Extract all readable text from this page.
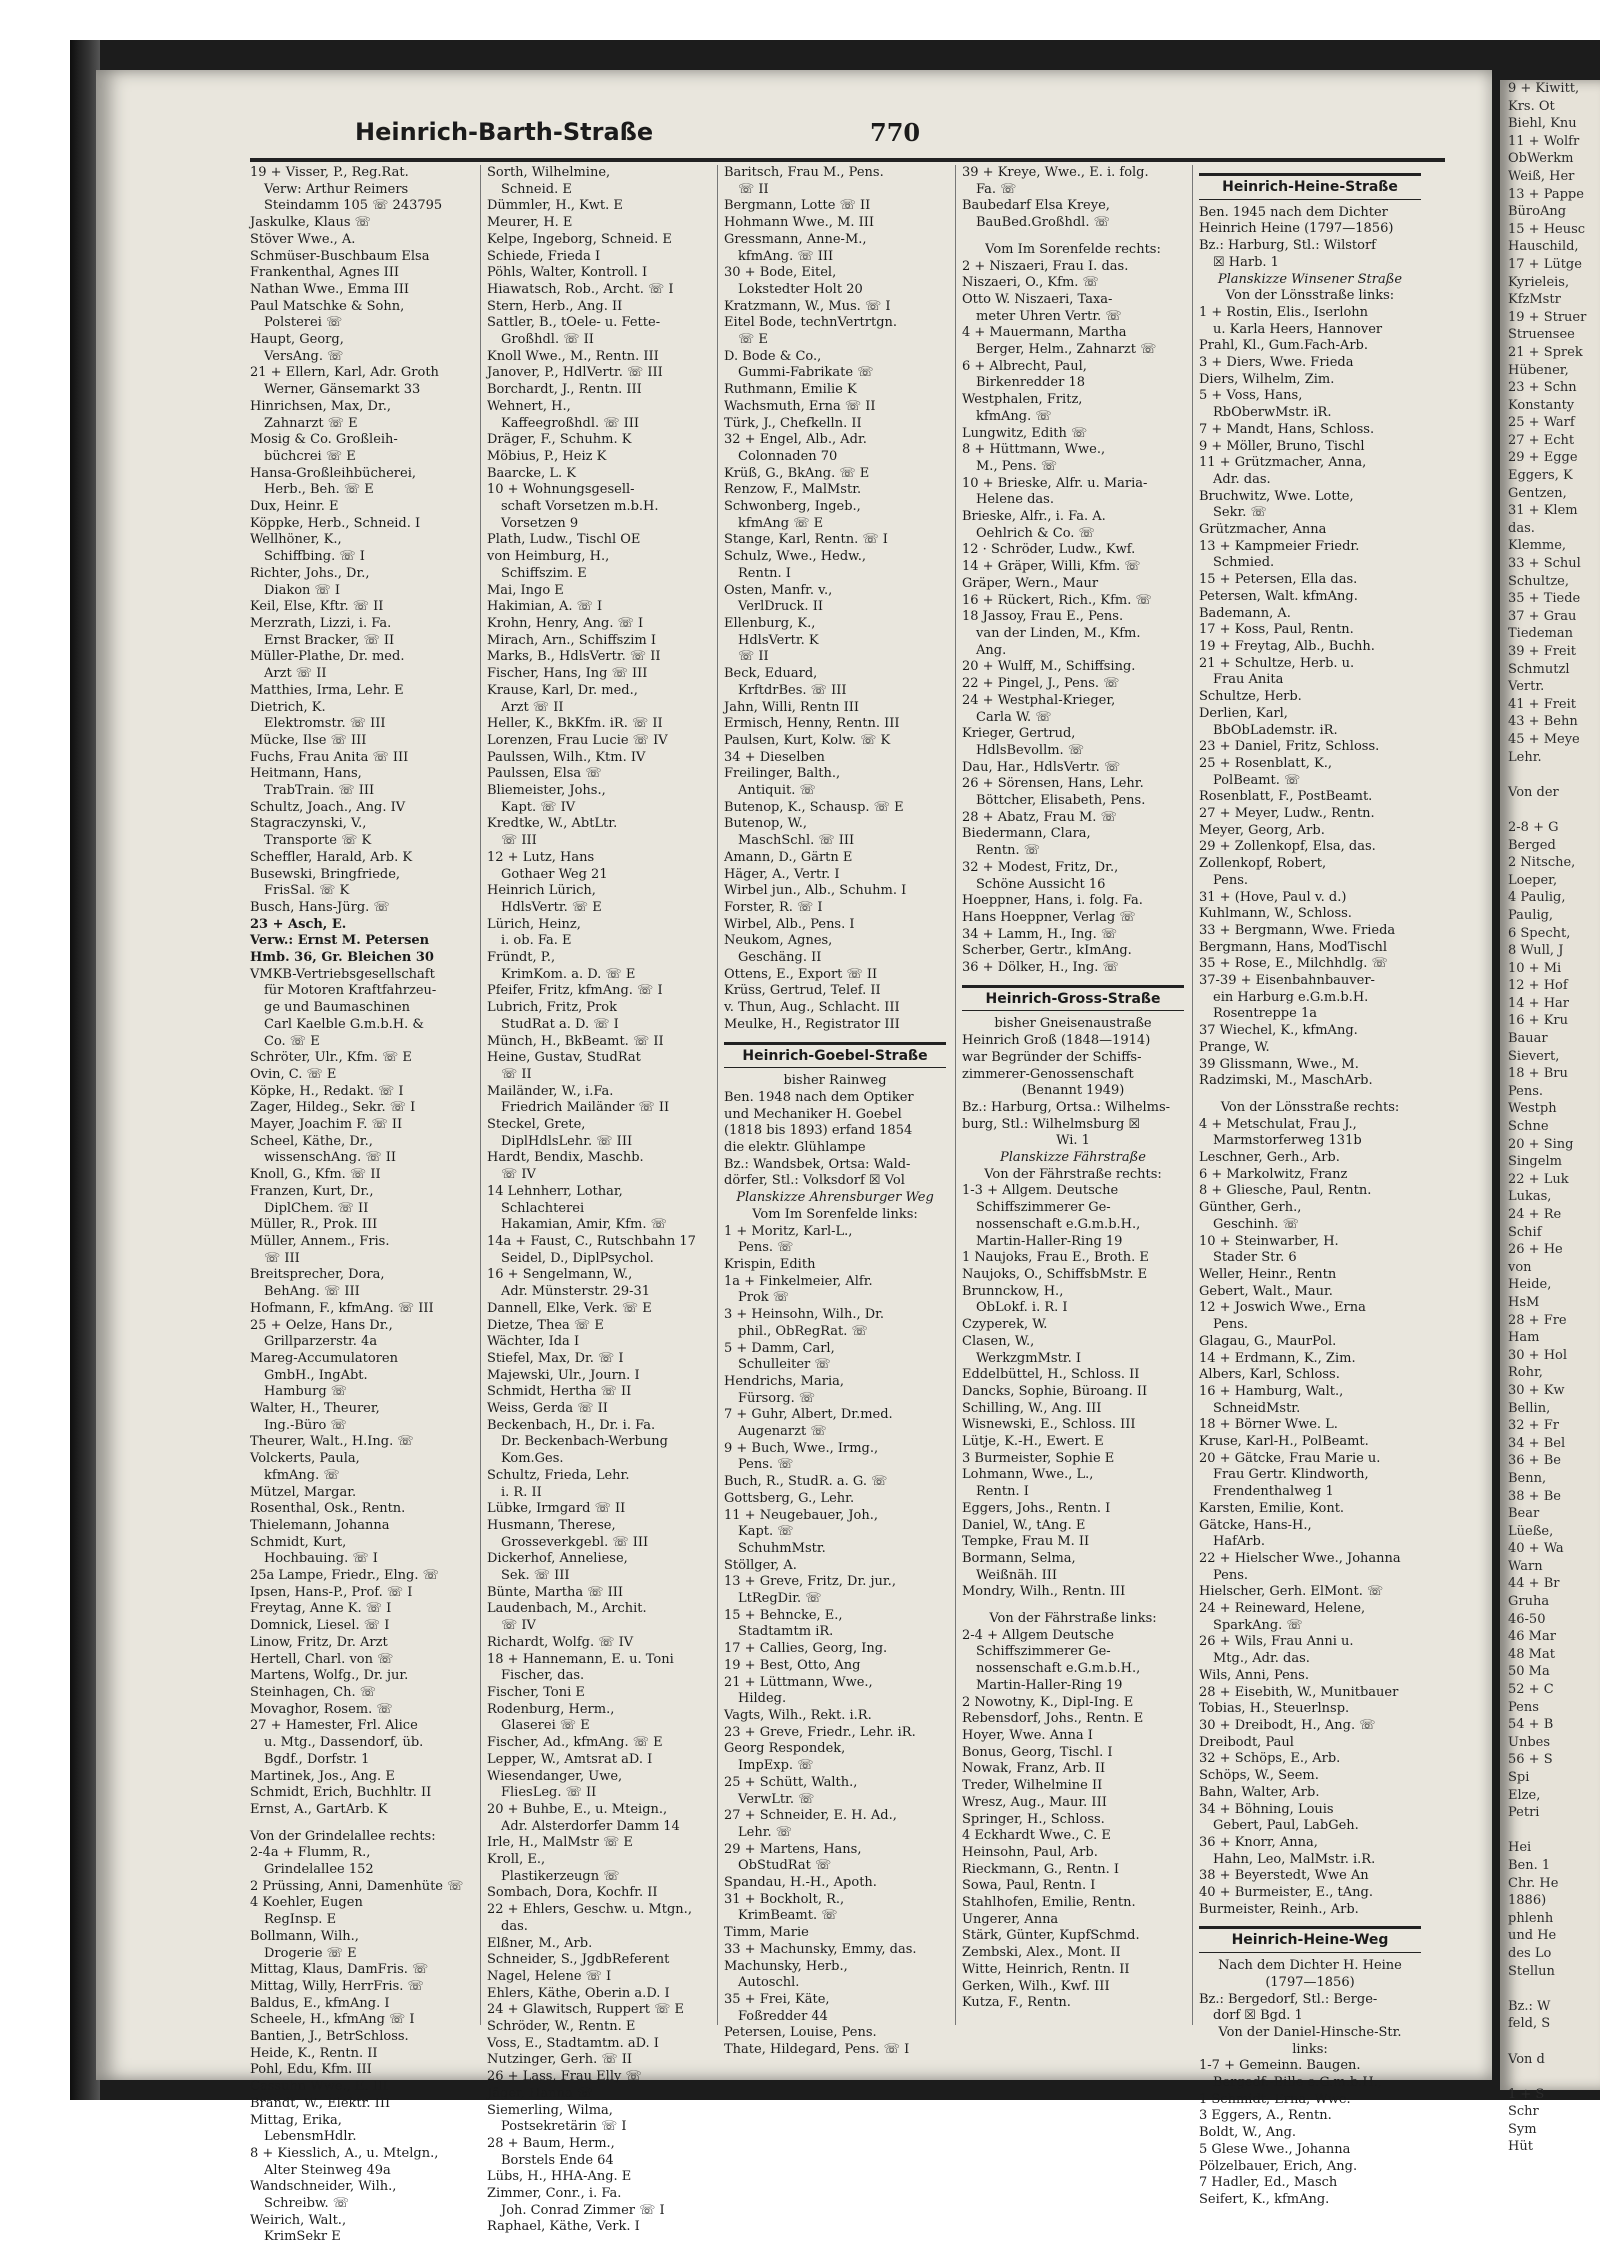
Heinrich-Barth-Straße	770
19 + Visser, P., Reg.Rat.
Verw: Arthur Reimers
Steindamm 105 ☏ 243795
Jaskulke, Klaus ☏
Stöver Wwe., A.
Schmüser-Buschbaum Elsa
Frankenthal, Agnes III
Nathan Wwe., Emma III
Paul Matschke & Sohn,
Polsterei ☏
Haupt, Georg,
VersAng. ☏
21 + Ellern, Karl, Adr. Groth
Werner, Gänsemarkt 33
Hinrichsen, Max, Dr.,
Zahnarzt ☏ E
Mosig & Co. Großleih-
büchcrei ☏ E
Hansa-Großleihbücherei,
Herb., Beh. ☏ E
Dux, Heinr. E
Köppke, Herb., Schneid. I
Wellhöner, K.,
Schiffbing. ☏ I
Richter, Johs., Dr.,
Diakon ☏ I
Keil, Else, Kftr. ☏ II
Merzrath, Lizzi, i. Fa.
Ernst Bracker, ☏ II
Müller-Plathe, Dr. med.
Arzt ☏ II
Matthies, Irma, Lehr. E
Dietrich, K.
Elektromstr. ☏ III
Mücke, Ilse ☏ III
Fuchs, Frau Anita ☏ III
Heitmann, Hans,
TrabTrain. ☏ III
Schultz, Joach., Ang. IV
Stagraczynski, V.,
Transporte ☏ K
Scheffler, Harald, Arb. K
Busewski, Bringfriede,
FrisSal. ☏ K
Busch, Hans-Jürg. ☏
23 + Asch, E.
Verw.: Ernst M. Petersen
Hmb. 36, Gr. Bleichen 30
VMKB-Vertriebsgesellschaft
für Motoren Kraftfahrzeu-
ge und Baumaschinen
Carl Kaelble G.m.b.H. &
Co. ☏ E
Schröter, Ulr., Kfm. ☏ E
Ovin, C. ☏ E
Köpke, H., Redakt. ☏ I
Zager, Hildeg., Sekr. ☏ I
Mayer, Joachim F. ☏ II
Scheel, Käthe, Dr.,
wissenschAng. ☏ II
Knoll, G., Kfm. ☏ II
Franzen, Kurt, Dr.,
DiplChem. ☏ II
Müller, R., Prok. III
Müller, Annem., Fris.
☏ III
Breitsprecher, Dora,
BehAng. ☏ III
Hofmann, F., kfmAng. ☏ III
25 + Oelze, Hans Dr.,
Grillparzerstr. 4a
Mareg-Accumulatoren
GmbH., IngAbt.
Hamburg ☏
Walter, H., Theurer,
Ing.-Büro ☏
Theurer, Walt., H.Ing. ☏
Volckerts, Paula,
kfmAng. ☏
Mützel, Margar.
Rosenthal, Osk., Rentn.
Thielemann, Johanna
Schmidt, Kurt,
Hochbauing. ☏ I
25a Lampe, Friedr., Elng. ☏
Ipsen, Hans-P., Prof. ☏ I
Freytag, Anne K. ☏ I
Domnick, Liesel. ☏ I
Linow, Fritz, Dr. Arzt
Hertell, Charl. von ☏
Martens, Wolfg., Dr. jur.
Steinhagen, Ch. ☏
Movaghor, Rosem. ☏
27 + Hamester, Frl. Alice
u. Mtg., Dassendorf, üb.
Bgdf., Dorfstr. 1
Martinek, Jos., Ang. E
Schmidt, Erich, Buchhltr. II
Ernst, A., GartArb. K
Von der Grindelallee rechts:
2-4a + Flumm, R.,
Grindelallee 152
2 Prüssing, Anni, Damenhüte ☏
4 Koehler, Eugen
RegInsp. E
Bollmann, Wilh.,
Drogerie ☏ E
Mittag, Klaus, DamFris. ☏
Mittag, Willy, HerrFris. ☏
Baldus, E., kfmAng. I
Scheele, H., kfmAng ☏ I
Bantien, J., BetrSchloss.
Heide, K., Rentn. II
Pohl, Edu, Kfm. III
Cassuhn Wwe., E. III
Brandt, W., Elektr. III
Mittag, Erika,
LebensmHdlr.
8 + Kiesslich, A., u. Mtelgn.,
Alter Steinweg 49a
Wandschneider, Wilh.,
Schreibw. ☏
Weirich, Walt.,
KrimSekr E
Sorth, Wilhelmine,
Schneid. E
Dümmler, H., Kwt. E
Meurer, H. E
Kelpe, Ingeborg, Schneid. E
Schiede, Frieda I
Pöhls, Walter, Kontroll. I
Hiawatsch, Rob., Archt. ☏ I
Stern, Herb., Ang. II
Sattler, B., tOele- u. Fette-
Großhdl. ☏ II
Knoll Wwe., M., Rentn. III
Janover, P., HdlVertr. ☏ III
Borchardt, J., Rentn. III
Wehnert, H.,
Kaffeegroßhdl. ☏ III
Dräger, F., Schuhm. K
Möbius, P., Heiz K
Baarcke, L. K
10 + Wohnungsgesell-
schaft Vorsetzen m.b.H.
Vorsetzen 9
Plath, Ludw., Tischl OE
von Heimburg, H.,
Schiffszim. E
Mai, Ingo E
Hakimian, A. ☏ I
Krohn, Henry, Ang. ☏ I
Mirach, Arn., Schiffszim I
Marks, B., HdlsVertr. ☏ II
Fischer, Hans, Ing ☏ III
Krause, Karl, Dr. med.,
Arzt ☏ II
Heller, K., BkKfm. iR. ☏ II
Lorenzen, Frau Lucie ☏ IV
Paulssen, Wilh., Ktm. IV
Paulssen, Elsa ☏
Bliemeister, Johs.,
Kapt. ☏ IV
Kredtke, W., AbtLtr.
☏ III
12 + Lutz, Hans
Gothaer Weg 21
Heinrich Lürich,
HdlsVertr. ☏ E
Lürich, Heinz,
i. ob. Fa. E
Fründt, P.,
KrimKom. a. D. ☏ E
Pfeifer, Fritz, kfmAng. ☏ I
Lubrich, Fritz, Prok
StudRat a. D. ☏ I
Münch, H., BkBeamt. ☏ II
Heine, Gustav, StudRat
☏ II
Mailänder, W., i.Fa.
Friedrich Mailänder ☏ II
Steckel, Grete,
DiplHdlsLehr. ☏ III
Hardt, Bendix, Maschb.
☏ IV
14 Lehnherr, Lothar,
Schlachterei
Hakamian, Amir, Kfm. ☏
14a + Faust, C., Rutschbahn 17
Seidel, D., DiplPsychol.
16 + Sengelmann, W.,
Adr. Münsterstr. 29-31
Dannell, Elke, Verk. ☏ E
Dietze, Thea ☏ E
Wächter, Ida I
Stiefel, Max, Dr. ☏ I
Majewski, Ulr., Journ. I
Schmidt, Hertha ☏ II
Weiss, Gerda ☏ II
Beckenbach, H., Dr. i. Fa.
Dr. Beckenbach-Werbung
Kom.Ges.
Schultz, Frieda, Lehr.
i. R. II
Lübke, Irmgard ☏ II
Husmann, Therese,
Grosseverkgebl. ☏ III
Dickerhof, Anneliese,
Sek. ☏ III
Bünte, Martha ☏ III
Laudenbach, M., Archit.
☏ IV
Richardt, Wolfg. ☏ IV
18 + Hannemann, E. u. Toni
Fischer, das.
Fischer, Toni E
Rodenburg, Herm.,
Glaserei ☏ E
Fischer, Ad., kfmAng. ☏ E
Lepper, W., Amtsrat aD. I
Wiesendanger, Uwe,
FliesLeg. ☏ II
20 + Buhbe, E., u. Mteign.,
Adr. Alsterdorfer Damm 14
Irle, H., MalMstr ☏ E
Kroll, E.,
Plastikerzeugn ☏
Sombach, Dora, Kochfr. II
22 + Ehlers, Geschw. u. Mtgn.,
das.
Elßner, M., Arb.
Schneider, S., JgdbReferent
Nagel, Helene ☏ I
Ehlers, Käthe, Oberin a.D. I
24 + Glawitsch, Ruppert ☏ E
Schröder, W., Rentn. E
Voss, E., Stadtamtm. aD. I
Nutzinger, Gerh. ☏ II
26 + Lass, Frau Elly ☏
Jäger, Hanna ☏
Siemerling, Wilma,
Postsekretärin ☏ I
28 + Baum, Herm.,
Borstels Ende 64
Lübs, H., HHA-Ang. E
Zimmer, Conr., i. Fa.
Joh. Conrad Zimmer ☏ I
Raphael, Käthe, Verk. I
Baritsch, Frau M., Pens.
☏ II
Bergmann, Lotte ☏ II
Hohmann Wwe., M. III
Gressmann, Anne-M.,
kfmAng. ☏ III
30 + Bode, Eitel,
Lokstedter Holt 20
Kratzmann, W., Mus. ☏ I
Eitel Bode, technVertrtgn.
☏ E
D. Bode & Co.,
Gummi-Fabrikate ☏
Ruthmann, Emilie K
Wachsmuth, Erna ☏ II
Türk, J., Chefkelln. II
32 + Engel, Alb., Adr.
Colonnaden 70
Krüß, G., BkAng. ☏ E
Renzow, F., MalMstr.
Schwonberg, Ingeb.,
kfmAng ☏ E
Stange, Karl, Rentn. ☏ I
Schulz, Wwe., Hedw.,
Rentn. I
Osten, Manfr. v.,
VerlDruck. II
Ellenburg, K.,
HdlsVertr. K
☏ II
Beck, Eduard,
KrftdrBes. ☏ III
Jahn, Willi, Rentn III
Ermisch, Henny, Rentn. III
Paulsen, Kurt, Kolw. ☏ K
34 + Dieselben
Freilinger, Balth.,
Antiquit. ☏
Butenop, K., Schausp. ☏ E
Butenop, W.,
MaschSchl. ☏ III
Amann, D., Gärtn E
Häger, A., Vertr. I
Wirbel jun., Alb., Schuhm. I
Forster, R. ☏ I
Wirbel, Alb., Pens. I
Neukom, Agnes,
Geschäng. II
Ottens, E., Export ☏ II
Krüss, Gertrud, Telef. II
v. Thun, Aug., Schlacht. III
Meulke, H., Registrator III
Heinrich-Goebel-Straße
bisher Rainweg
Ben. 1948 nach dem Optiker
und Mechaniker H. Goebel
(1818 bis 1893) erfand 1854
die elektr. Glühlampe
Bz.: Wandsbek, Ortsa: Wald-
dörfer, Stl.: Volksdorf ☒ Vol
Planskizze Ahrensburger Weg
Vom Im Sorenfelde links:
1 + Moritz, Karl-L.,
Pens. ☏
Krispin, Edith
1a + Finkelmeier, Alfr.
Prok ☏
3 + Heinsohn, Wilh., Dr.
phil., ObRegRat. ☏
5 + Damm, Carl,
Schulleiter ☏
Hendrichs, Maria,
Fürsorg. ☏
7 + Guhr, Albert, Dr.med.
Augenarzt ☏
9 + Buch, Wwe., Irmg.,
Pens. ☏
Buch, R., StudR. a. G. ☏
Gottsberg, G., Lehr.
11 + Neugebauer, Joh.,
Kapt. ☏
SchuhmMstr.
Stöllger, A.
13 + Greve, Fritz, Dr. jur.,
LtRegDir. ☏
15 + Behncke, E.,
Stadtamtm iR.
17 + Callies, Georg, Ing.
19 + Best, Otto, Ang
21 + Lüttmann, Wwe.,
Hildeg.
Vagts, Wilh., Rekt. i.R.
23 + Greve, Friedr., Lehr. iR.
Georg Respondek,
ImpExp. ☏
25 + Schütt, Walth.,
VerwLtr. ☏
27 + Schneider, E. H. Ad.,
Lehr. ☏
29 + Martens, Hans,
ObStudRat ☏
Spandau, H.-H., Apoth.
31 + Bockholt, R.,
KrimBeamt. ☏
Timm, Marie
33 + Machunsky, Emmy, das.
Machunsky, Herb.,
Autoschl.
35 + Frei, Käte,
Foßredder 44
Petersen, Louise, Pens.
Thate, Hildegard, Pens. ☏ I
39 + Kreye, Wwe., E. i. folg.
Fa. ☏
Baubedarf Elsa Kreye,
BauBed.Großhdl. ☏
Vom Im Sorenfelde rechts:
2 + Niszaeri, Frau I. das.
Niszaeri, O., Kfm. ☏
Otto W. Niszaeri, Taxa-
meter Uhren Vertr. ☏
4 + Mauermann, Martha
Berger, Helm., Zahnarzt ☏
6 + Albrecht, Paul,
Birkenredder 18
Westphalen, Fritz,
kfmAng. ☏
Lungwitz, Edith ☏
8 + Hüttmann, Wwe.,
M., Pens. ☏
10 + Brieske, Alfr. u. Maria-
Helene das.
Brieske, Alfr., i. Fa. A.
Oehlrich & Co. ☏
12 · Schröder, Ludw., Kwf.
14 + Gräper, Willi, Kfm. ☏
Gräper, Wern., Maur
16 + Rückert, Rich., Kfm. ☏
18 Jassoy, Frau E., Pens.
van der Linden, M., Kfm.
Ang.
20 + Wulff, M., Schiffsing.
22 + Pingel, J., Pens. ☏
24 + Westphal-Krieger,
Carla W. ☏
Krieger, Gertrud,
HdlsBevollm. ☏
Dau, Har., HdlsVertr. ☏
26 + Sörensen, Hans, Lehr.
Böttcher, Elisabeth, Pens.
28 + Abatz, Frau M. ☏
Biedermann, Clara,
Rentn. ☏
32 + Modest, Fritz, Dr.,
Schöne Aussicht 16
Hoeppner, Hans, i. folg. Fa.
Hans Hoeppner, Verlag ☏
34 + Lamm, H., Ing. ☏
Scherber, Gertr., kImAng.
36 + Dölker, H., Ing. ☏
Heinrich-Gross-Straße
bisher Gneisenaustraße
Heinrich Groß (1848—1914)
war Begründer der Schiffs-
zimmerer-Genossenschaft
(Benannt 1949)
Bz.: Harburg, Ortsa.: Wilhelms-
burg, Stl.: Wilhelmsburg ☒
Wi. 1
Planskizze Fährstraße
Von der Fährstraße rechts:
1-3 + Allgem. Deutsche
Schiffszimmerer Ge-
nossenschaft e.G.m.b.H.,
Martin-Haller-Ring 19
1 Naujoks, Frau E., Broth. E
Naujoks, O., SchiffsbMstr. E
Brunnckow, H.,
ObLokf. i. R. I
Czyperek, W.
Clasen, W.,
WerkzgmMstr. I
Eddelbüttel, H., Schloss. II
Dancks, Sophie, Büroang. II
Schilling, W., Ang. III
Wisnewski, E., Schloss. III
Lütje, K.-H., Ewert. E
3 Burmeister, Sophie E
Lohmann, Wwe., L.,
Rentn. I
Eggers, Johs., Rentn. I
Daniel, W., tAng. E
Tempke, Frau M. II
Bormann, Selma,
Weißnäh. III
Mondry, Wilh., Rentn. III
Von der Fährstraße links:
2-4 + Allgem Deutsche
Schiffszimmerer Ge-
nossenschaft e.G.m.b.H.,
Martin-Haller-Ring 19
2 Nowotny, K., Dipl-Ing. E
Rebensdorf, Johs., Rentn. E
Hoyer, Wwe. Anna I
Bonus, Georg, Tischl. I
Nowak, Franz, Arb. II
Treder, Wilhelmine II
Wresz, Aug., Maur. III
Springer, H., Schloss.
4 Eckhardt Wwe., C. E
Heinsohn, Paul, Arb.
Rieckmann, G., Rentn. I
Sowa, Paul, Rentn. I
Stahlhofen, Emilie, Rentn.
Ungerer, Anna
Stärk, Günter, KupfSchmd.
Zembski, Alex., Mont. II
Witte, Heinrich, Rentn. II
Gerken, Wilh., Kwf. III
Kutza, F., Rentn.
Heinrich-Heine-Straße
Ben. 1945 nach dem Dichter
Heinrich Heine (1797—1856)
Bz.: Harburg, Stl.: Wilstorf
☒ Harb. 1
Planskizze Winsener Straße
Von der Lönsstraße links:
1 + Rostin, Elis., Iserlohn
u. Karla Heers, Hannover
Prahl, Kl., Gum.Fach-Arb.
3 + Diers, Wwe. Frieda
Diers, Wilhelm, Zim.
5 + Voss, Hans,
RbOberwMstr. iR.
7 + Mandt, Hans, Schloss.
9 + Möller, Bruno, Tischl
11 + Grützmacher, Anna,
Adr. das.
Bruchwitz, Wwe. Lotte,
Sekr. ☏
Grützmacher, Anna
13 + Kampmeier Friedr.
Schmied.
15 + Petersen, Ella das.
Petersen, Walt. kfmAng.
Bademann, A.
17 + Koss, Paul, Rentn.
19 + Freytag, Alb., Buchh.
21 + Schultze, Herb. u.
Frau Anita
Schultze, Herb.
Derlien, Karl,
BbObLademstr. iR.
23 + Daniel, Fritz, Schloss.
25 + Rosenblatt, K.,
PolBeamt. ☏
Rosenblatt, F., PostBeamt.
27 + Meyer, Ludw., Rentn.
Meyer, Georg, Arb.
29 + Zollenkopf, Elsa, das.
Zollenkopf, Robert,
Pens.
31 + (Hove, Paul v. d.)
Kuhlmann, W., Schloss.
33 + Bergmann, Wwe. Frieda
Bergmann, Hans, ModTischl
35 + Rose, E., Milchhdlg. ☏
37-39 + Eisenbahnbauver-
ein Harburg e.G.m.b.H.
Rosentreppe 1a
37 Wiechel, K., kfmAng.
Prange, W.
39 Glissmann, Wwe., M.
Radzimski, M., MaschArb.
Von der Lönsstraße rechts:
4 + Metschulat, Frau J.,
Marmstorferweg 131b
Leschner, Gerh., Arb.
6 + Markolwitz, Franz
8 + Gliesche, Paul, Rentn.
Günther, Gerh.,
Geschinh. ☏
10 + Steinwarber, H.
Stader Str. 6
Weller, Heinr., Rentn
Gebert, Walt., Maur.
12 + Joswich Wwe., Erna
Pens.
Glagau, G., MaurPol.
14 + Erdmann, K., Zim.
Albers, Karl, Schloss.
16 + Hamburg, Walt.,
SchneidMstr.
18 + Börner Wwe. L.
Kruse, Karl-H., PolBeamt.
20 + Gätcke, Frau Marie u.
Frau Gertr. Klindworth,
Frendenthalweg 1
Karsten, Emilie, Kont.
Gätcke, Hans-H.,
HafArb.
22 + Hielscher Wwe., Johanna
Pens.
Hielscher, Gerh. ElMont. ☏
24 + Reineward, Helene,
SparkAng. ☏
26 + Wils, Frau Anni u.
Mtg., Adr. das.
Wils, Anni, Pens.
28 + Eisebith, W., Munitbauer
Tobias, H., Steuerlnsp.
30 + Dreibodt, H., Ang. ☏
Dreibodt, Paul
32 + Schöps, E., Arb.
Schöps, W., Seem.
Bahn, Walter, Arb.
34 + Böhning, Louis
Gebert, Paul, LabGeh.
36 + Knorr, Anna,
Hahn, Leo, MalMstr. i.R.
38 + Beyerstedt, Wwe An
40 + Burmeister, E., tAng.
Burmeister, Reinh., Arb.
Heinrich-Heine-Weg
Nach dem Dichter H. Heine
(1797—1856)
Bz.: Bergedorf, Stl.: Berge-
dorf ☒ Bgd. 1
Von der Daniel-Hinsche-Str.
links:
1-7 + Gemeinn. Baugen.
Bergedf.-Bille e.G.m.b.H.,
1 Schmidt, Erna, Wwe.
3 Eggers, A., Rentn.
Boldt, W., Ang.
5 Glese Wwe., Johanna
Pölzelbauer, Erich, Ang.
7 Hadler, Ed., Masch
Seifert, K., kfmAng.
9 + Kiwitt,
Krs. Ot
Biehl, Knu
11 + Wolfr
ObWerkm
Weiß, Her
13 + Pappe
BüroAng
15 + Heusc
Hauschild,
17 + Lütge
Kyrieleis,
KfzMstr
19 + Struer
Struensee
21 + Sprek
Hübener,
23 + Schn
Konstanty
25 + Warf
27 + Echt
29 + Egge
Eggers, K
Gentzen,
31 + Klem
das.
Klemme,
33 + Schul
Schultze,
35 + Tiede
37 + Grau
Tiedeman
39 + Freit
Schmutzl
Vertr.
41 + Freit
43 + Behn
45 + Meye
Lehr.

Von der

2-8 + G
Berged
2 Nitsche,
Loeper,
4 Paulig,
Paulig,
6 Specht,
8 Wull, J
10 + Mi
12 + Hof
14 + Har
16 + Kru
Bauar
Sievert,
18 + Bru
Pens.
Westph
Schne
20 + Sing
Singelm
22 + Luk
Lukas,
24 + Re
Schif
26 + He
von
Heide,
HsM
28 + Fre
Ham
30 + Hol
Rohr,
30 + Kw
Bellin,
32 + Fr
34 + Bel
36 + Be
Benn,
38 + Be
Bear
Lüeße,
40 + Wa
Warn
44 + Br
Gruha
46-50
46 Mar
48 Mat
50 Ma
52 + C
Pens
54 + B
Unbes
56 + S
Spi
Elze,
Petri

Hei
Ben. 1
Chr. He
1886)
phlenh
und He
des Lo
Stellun

Bz.: W
feld, S

Von d

1 + S
Schr
Sym
Hüt
